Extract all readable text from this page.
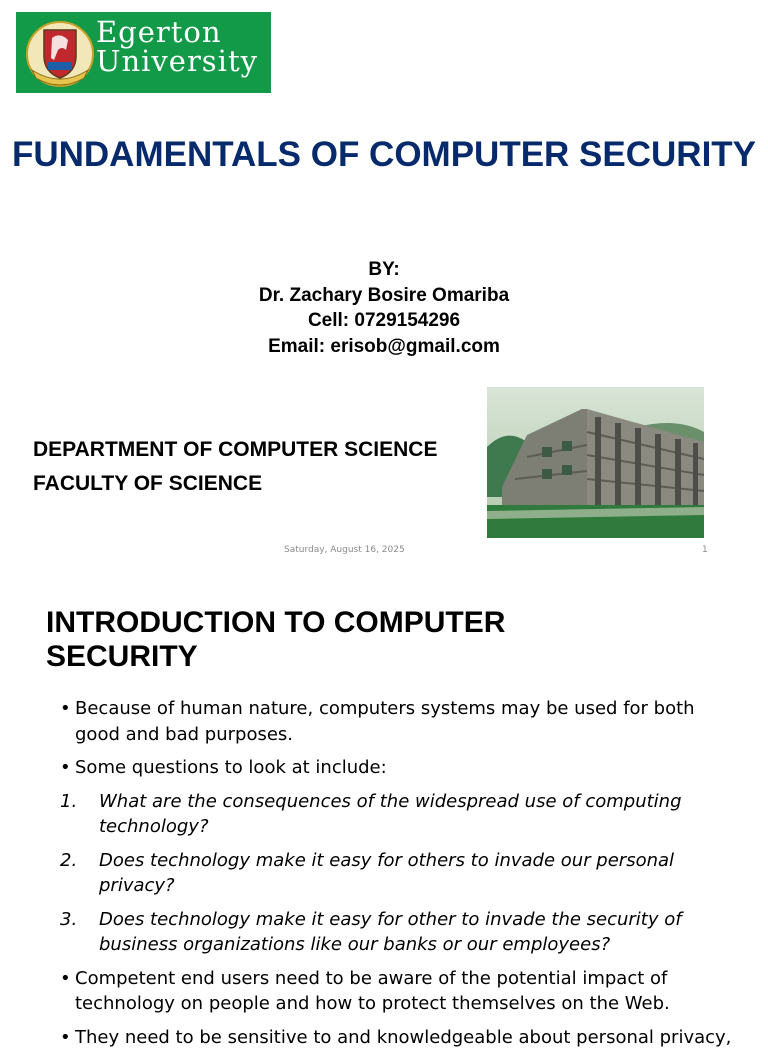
Egerton
University
FUNDAMENTALS OF COMPUTER SECURITY
BY:
Dr. Zachary Bosire Omariba
Cell: 0729154296
Email: erisob@gmail.com
DEPARTMENT OF COMPUTER SCIENCE
FACULTY OF SCIENCE
Saturday, August 16, 2025	1
INTRODUCTION TO COMPUTER
SECURITY
• Because of human nature, computers systems may be used for both good and bad purposes.
• Some questions to look at include:
1.	What are the consequences of the widespread use of computing technology?
2.	Does technology make it easy for others to invade our personal privacy?
3.	Does technology make it easy for other to invade the security of business organizations like our banks or our employees?
• Competent end users need to be aware of the potential impact of technology on people and how to protect themselves on the Web.
• They need to be sensitive to and knowledgeable about personal privacy,
